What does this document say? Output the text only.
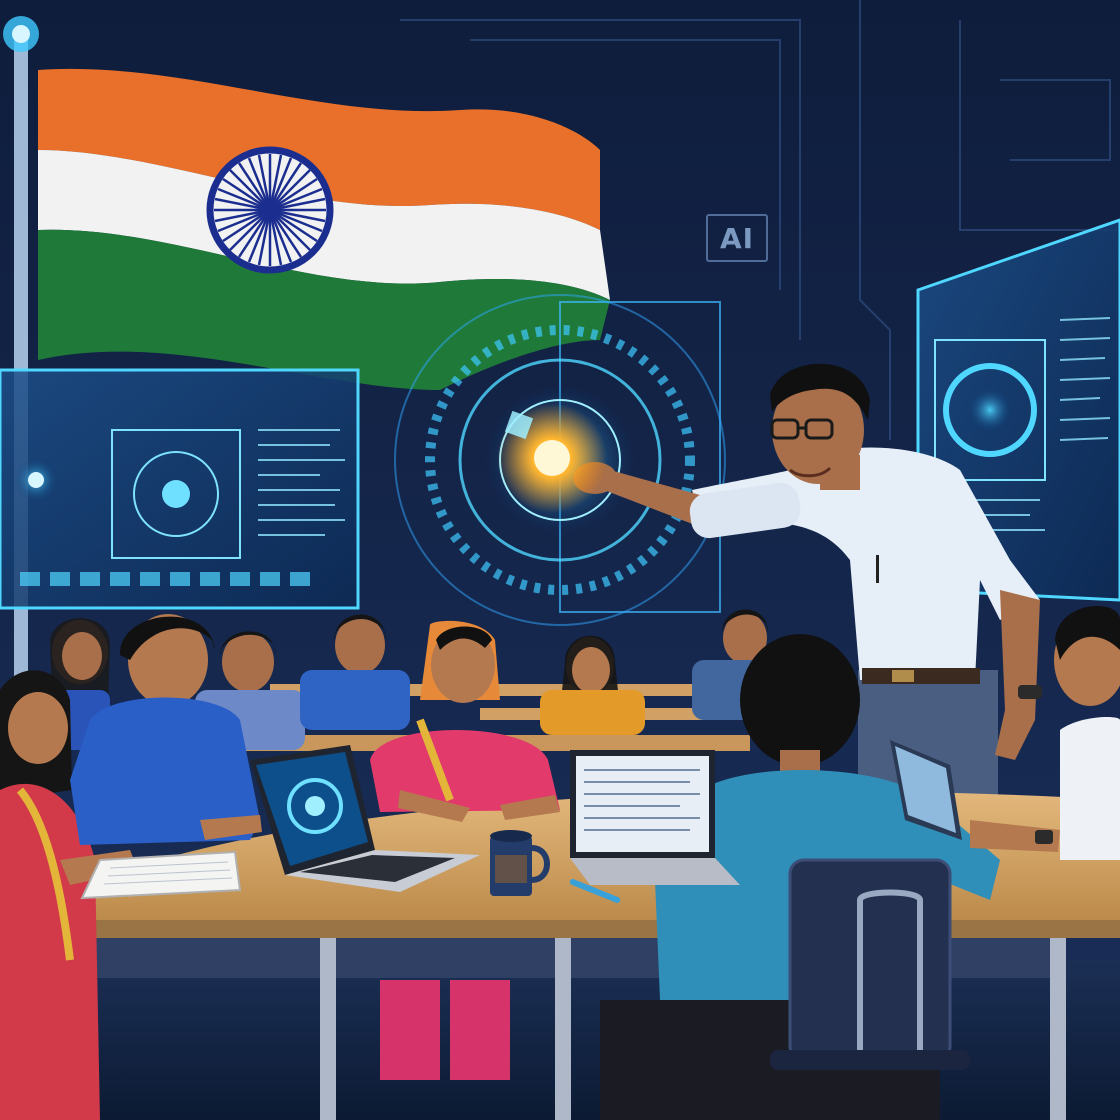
AI
